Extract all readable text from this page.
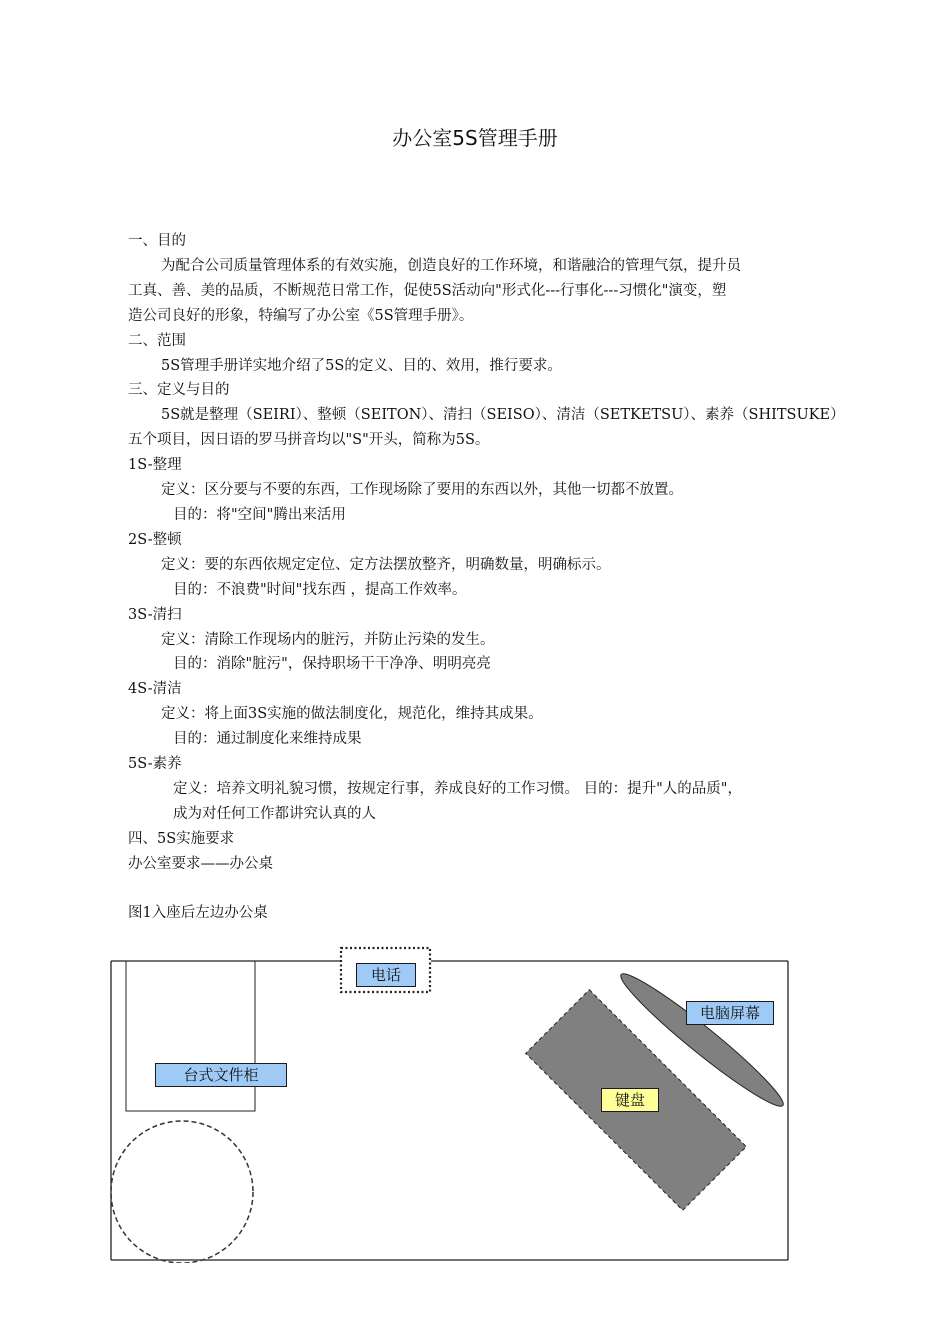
办公室5S管理手册
一、目的
为配合公司质量管理体系的有效实施，创造良好的工作环境，和谐融洽的管理气氛，提升员
工真、善、美的品质，不断规范日常工作，促使5S活动向"形式化---行事化---习惯化"演变，塑
造公司良好的形象，特编写了办公室《5S管理手册》。
二、范围
5S管理手册详实地介绍了5S的定义、目的、效用，推行要求。
三、定义与目的
5S就是整理（SEIRI）、整顿（SEITON）、清扫（SEISO）、清洁（SETKETSU）、素养（SHITSUKE）
五个项目，因日语的罗马拼音均以"S"开头，简称为5S。
1S-整理
定义：区分要与不要的东西，工作现场除了要用的东西以外，其他一切都不放置。
目的：将"空间"腾出来活用
2S-整顿
定义：要的东西依规定定位、定方法摆放整齐，明确数量，明确标示。
目的：不浪费"时间"找东西 ，提高工作效率。
3S-清扫
定义：清除工作现场内的脏污，并防止污染的发生。
目的：消除"脏污"，保持职场干干净净、明明亮亮
4S-清洁
定义：将上面3S实施的做法制度化，规范化，维持其成果。
目的：通过制度化来维持成果
5S-素养
定义：培养文明礼貌习惯，按规定行事，养成良好的工作习惯。 目的：提升"人的品质"，
成为对任何工作都讲究认真的人
四、5S实施要求
办公室要求——办公桌
图1入座后左边办公桌
电话
电脑屏幕
台式文件柜
键盘
